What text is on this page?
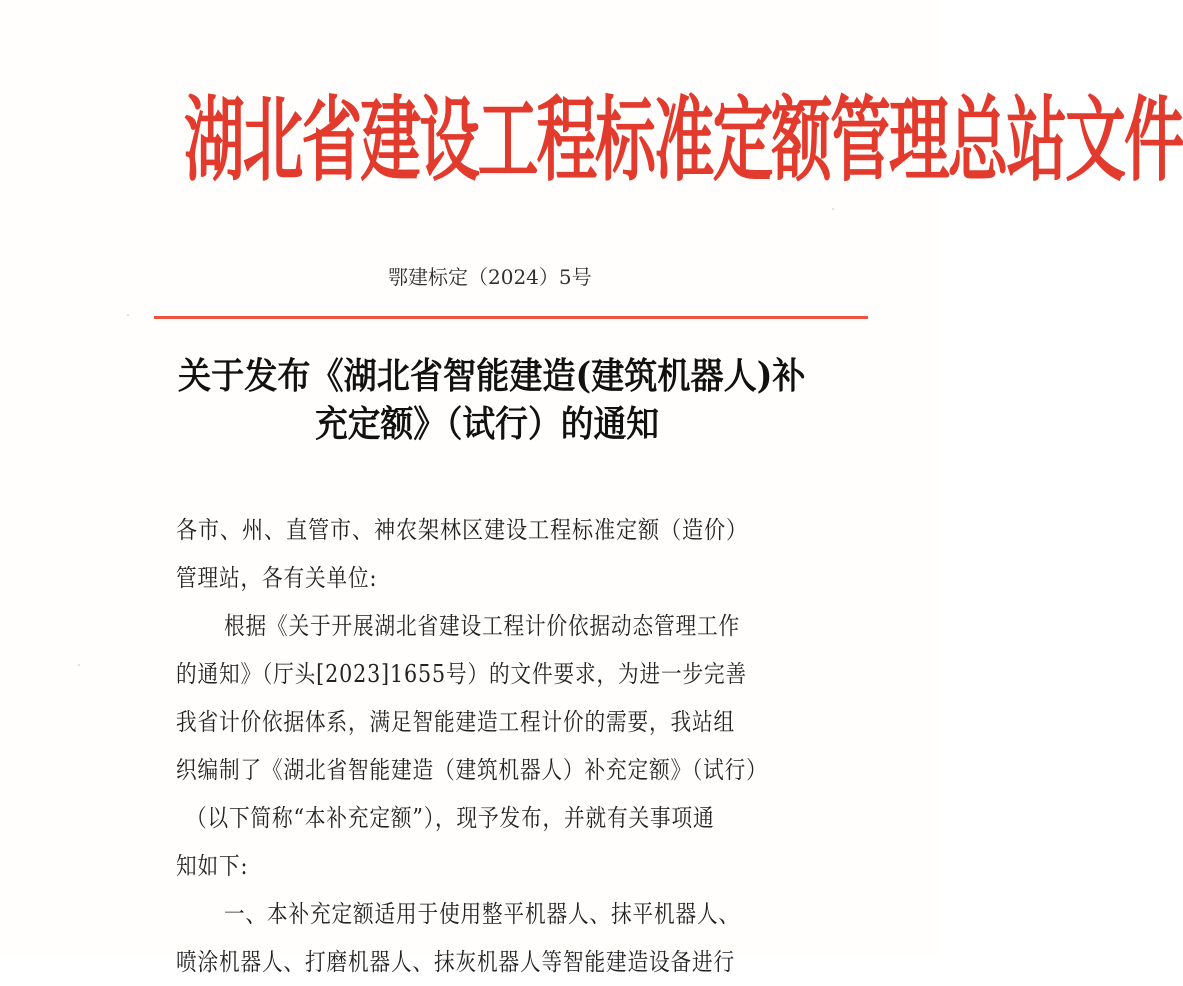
湖北省建设工程标准定额管理总站文件
鄂建标定（2024）5号
关于发布《湖北省智能建造(建筑机器人)补
充定额》（试行）的通知
各市、州、直管市、神农架林区建设工程标准定额（造价）
管理站，各有关单位:
根据《关于开展湖北省建设工程计价依据动态管理工作
的通知》（厅头[2023]1655号）的文件要求，为进一步完善
我省计价依据体系，满足智能建造工程计价的需要，我站组
织编制了《湖北省智能建造（建筑机器人）补充定额》（试行）
（以下简称“本补充定额”），现予发布，并就有关事项通
知如下:
一、本补充定额适用于使用整平机器人、抹平机器人、
喷涂机器人、打磨机器人、抹灰机器人等智能建造设备进行
